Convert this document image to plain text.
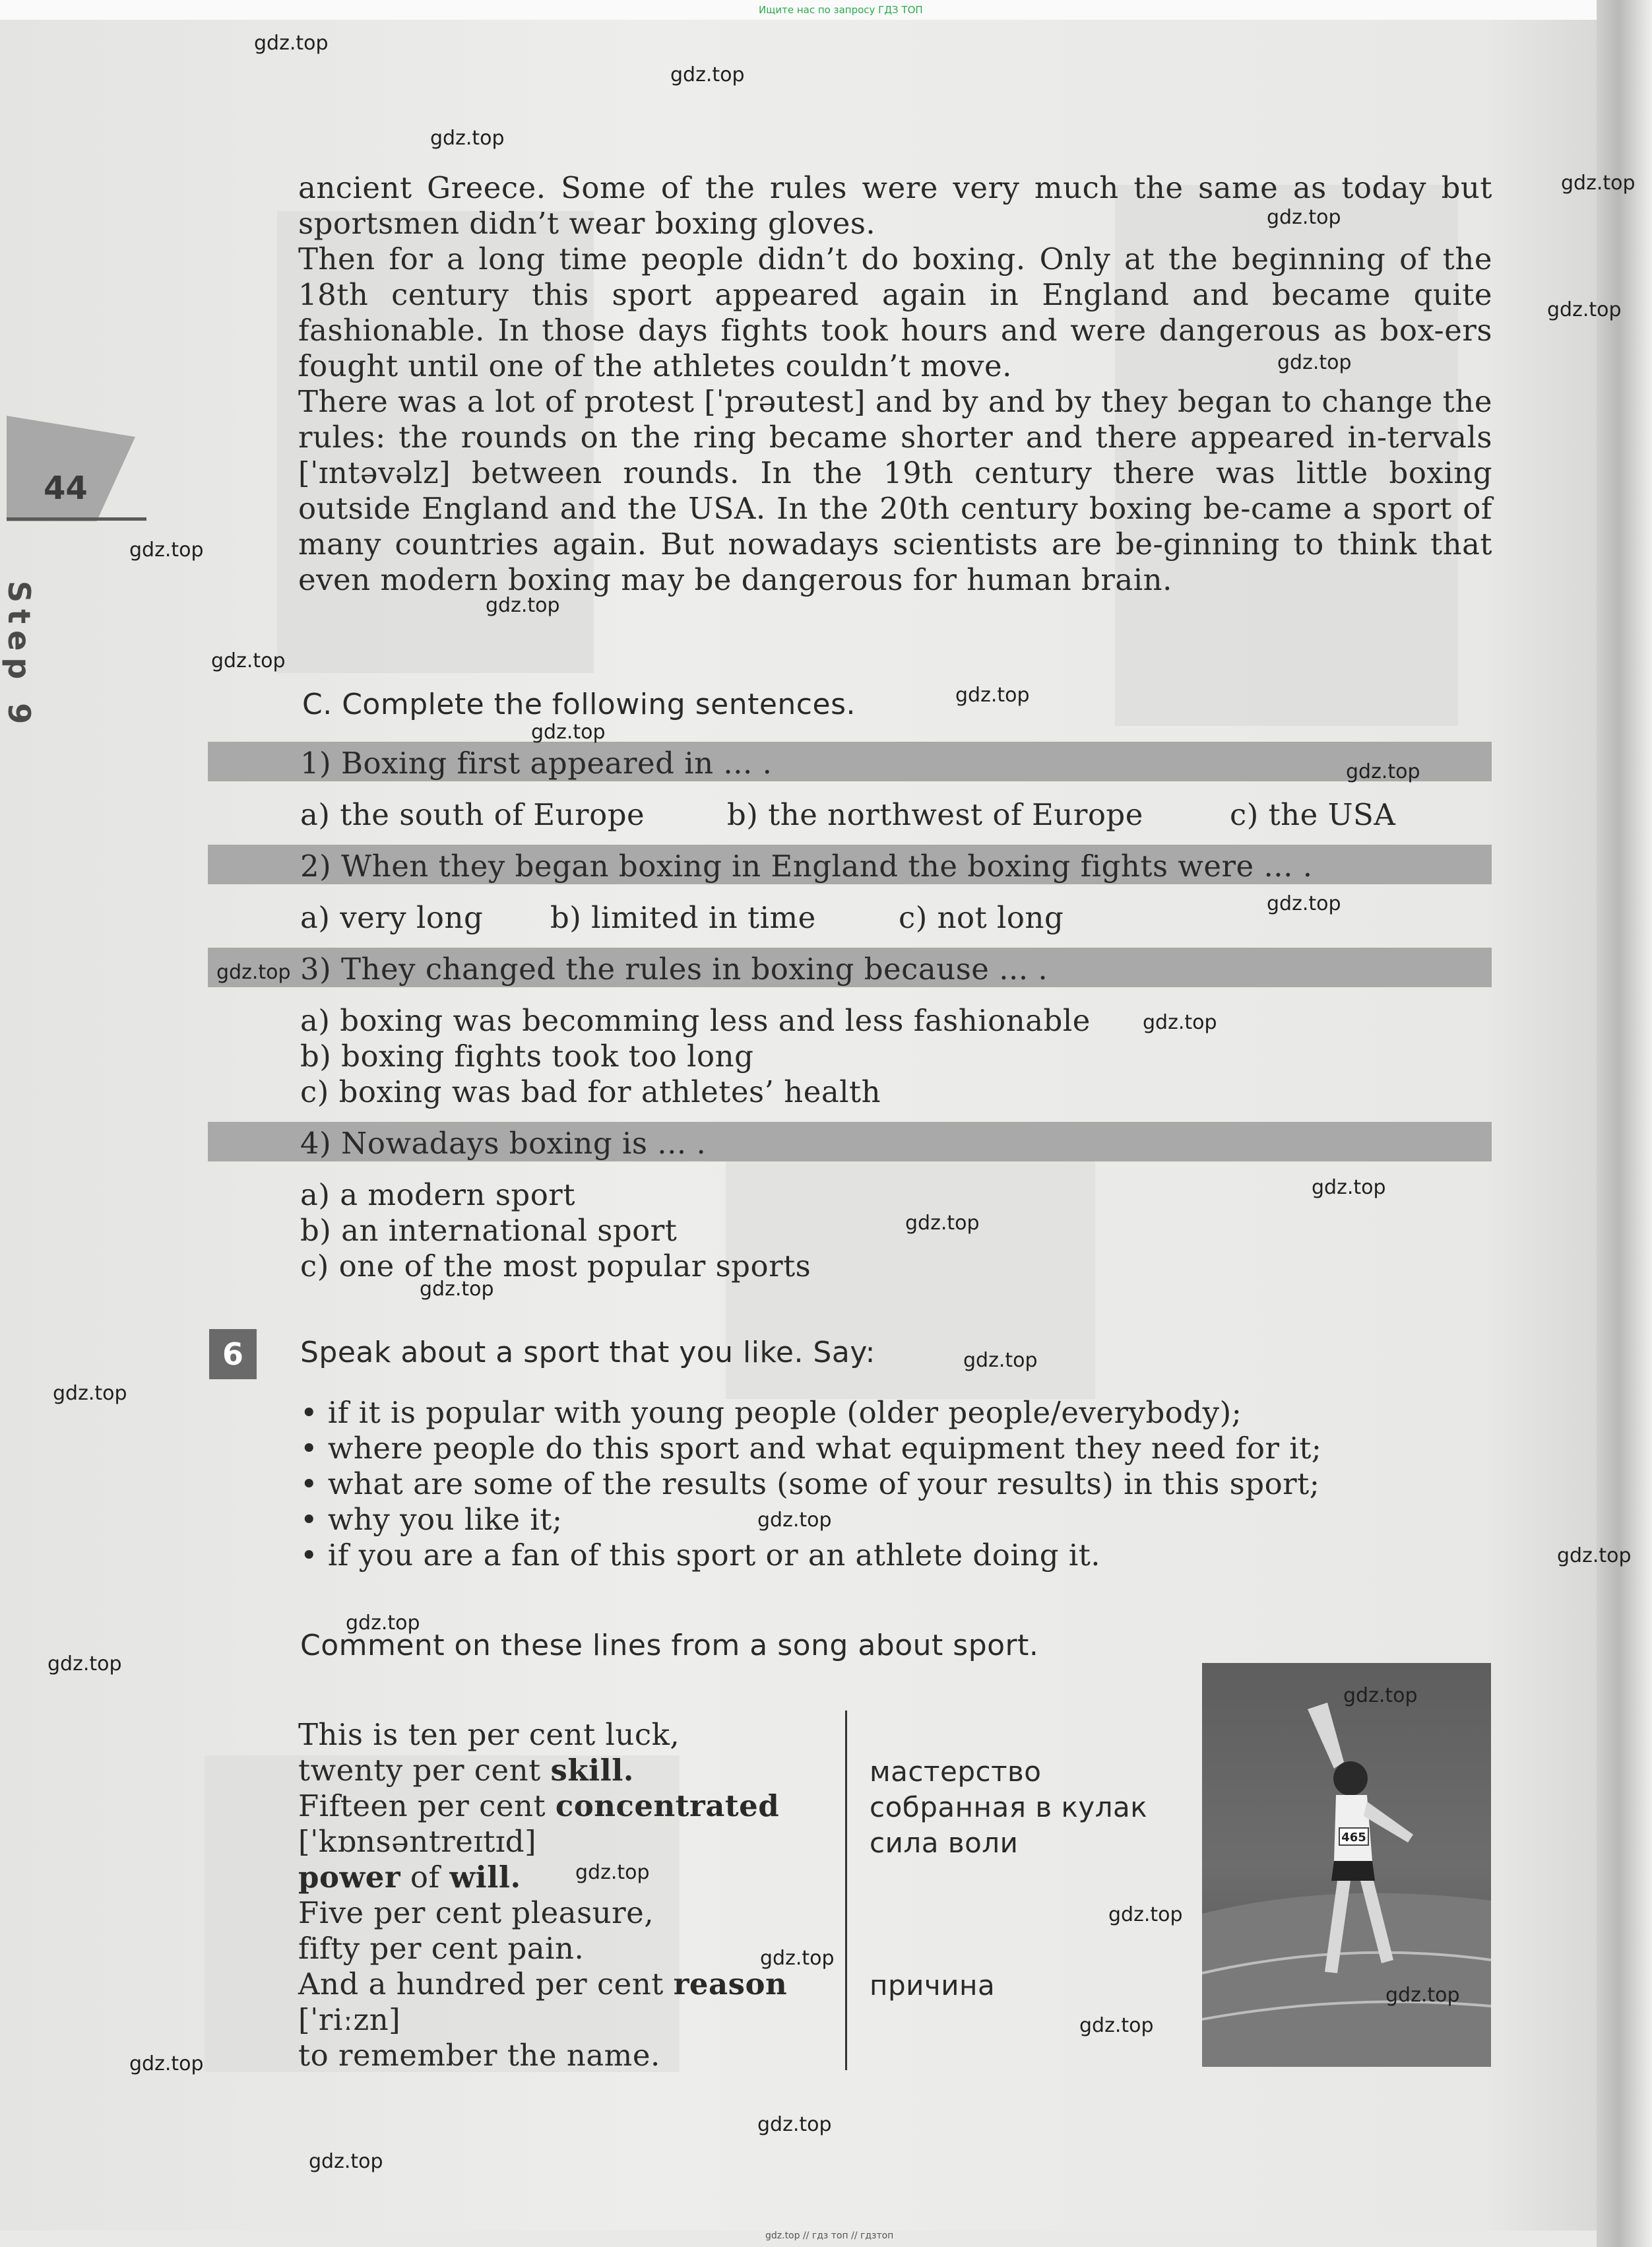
Ищите нас по запросу ГДЗ ТОП
44
Step 9
ancient Greece. Some of the rules were very much the same as today but sportsmen didn’t wear boxing gloves.
Then for a long time people didn’t do boxing. Only at the beginning of the 18th century this sport appeared again in England and became quite fashionable. In those days fights took hours and were dangerous as box-ers fought until one of the athletes couldn’t move.
There was a lot of protest [ˈprəutest] and by and by they began to change the rules: the rounds on the ring became shorter and there appeared in-tervals [ˈɪntəvəlz] between rounds. In the 19th century there was little boxing outside England and the USA. In the 20th century boxing be-came a sport of many countries again. But nowadays scientists are be-ginning to think that even modern boxing may be dangerous for human brain.
C. Complete the following sentences.
1) Boxing first appeared in ... .
a) the south of Europe	b) the northwest of Europe	c) the USA
2) When they began boxing in England the boxing fights were ... .
a) very long b) limited in time	c) not long
3) They changed the rules in boxing because ... .
a) boxing was becomming less and less fashionable
b) boxing fights took too long
c) boxing was bad for athletes’ health
4) Nowadays boxing is ... .
a) a modern sport
b) an international sport
c) one of the most popular sports
6	Speak about a sport that you like. Say:
• if it is popular with young people (older people/everybody);
• where people do this sport and what equipment they need for it;
• what are some of the results (some of your results) in this sport;
• why you like it;
• if you are a fan of this sport or an athlete doing it.
Comment on these lines from a song about sport.
This is ten per cent luck,
twenty per cent skill.
Fifteen per cent concentrated
[ˈkɒnsəntreɪtɪd]
power of will.
Five per cent pleasure,
fifty per cent pain.
And a hundred per cent reason
[ˈriːzn]
to remember the name.
мастерство
собранная в кулак
сила воли
причина
465
gdz.top
gdz.top
gdz.top
gdz.top
gdz.top
gdz.top
gdz.top
gdz.top
gdz.top
gdz.top
gdz.top
gdz.top
gdz.top
gdz.top
gdz.top
gdz.top
gdz.top
gdz.top
gdz.top
gdz.top
gdz.top
gdz.top
gdz.top
gdz.top
gdz.top
gdz.top
gdz.top
gdz.top
gdz.top
gdz.top
gdz.top
gdz.top
gdz.top
gdz.top
gdz.top // гдз топ // гдзтоп
